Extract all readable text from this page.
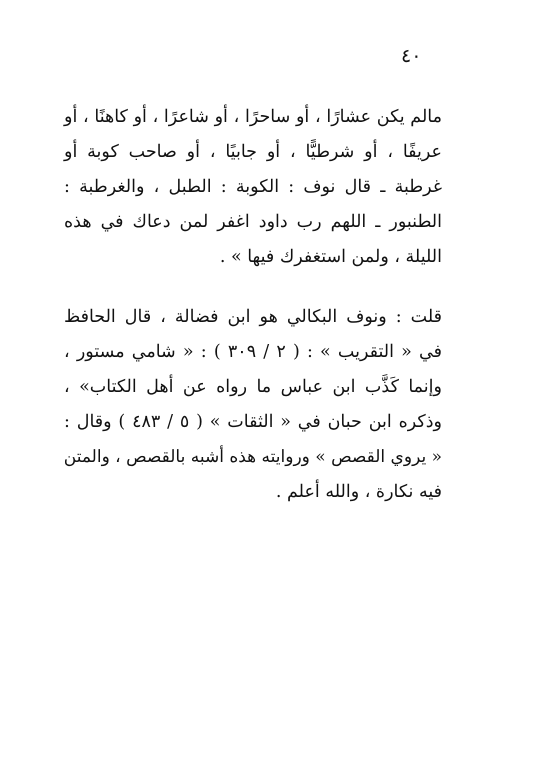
٤٠
مالم يكن عشارًا ، أو ساحرًا ، أو شاعرًا ، أو كاهنًا ، أو
عريفًا ، أو شرطيًّا ، أو جابيًا ، أو صاحب كوبة أو
غرطبة ـ قال نوف : الكوبة : الطبل ، والغرطبة :
الطنبور ـ اللهم رب داود اغفر لمن دعاك في هذه
الليلة ، ولمن استغفرك فيها » .
قلت : ونوف البكالي هو ابن فضالة ، قال الحافظ
في « التقريب » : ( ٢ / ٣٠٩ ) : « شامي مستور ،
وإنما كَذَّب ابن عباس ما رواه عن أهل الكتاب» ،
وذكره ابن حبان في « الثقات » ( ٥ / ٤٨٣ ) وقال :
« يروي القصص » وروايته هذه أشبه بالقصص ، والمتن
فيه نكارة ، والله أعلم .
